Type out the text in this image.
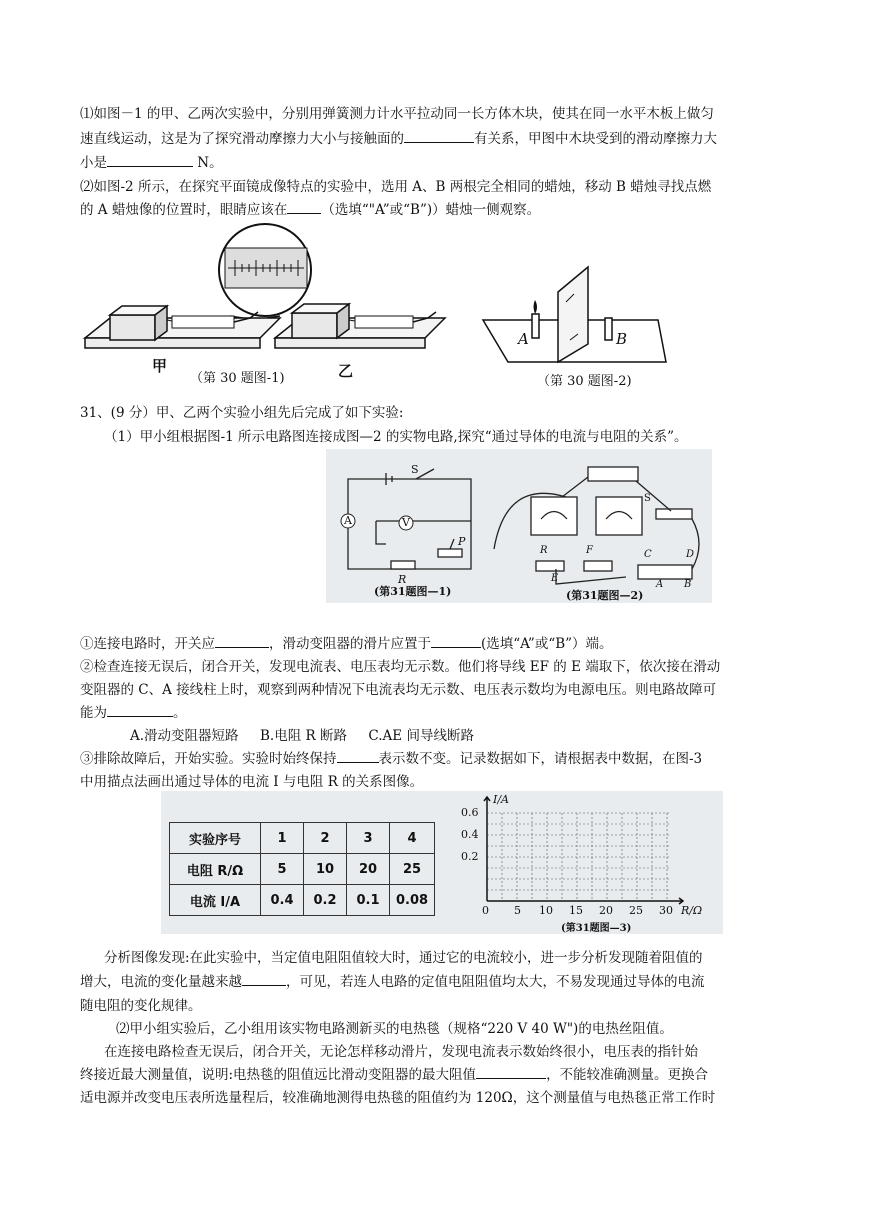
⑴如图－1 的甲、乙两次实验中，分别用弹簧测力计水平拉动同一长方体木块，使其在同一水平木板上做匀

速直线运动，这是为了探究滑动摩擦力大小与接触面的	有关系，甲图中木块受到的滑动摩擦力大

小是	N。

⑵如图-2 所示，在探究平面镜成像特点的实验中，选用 A、B 两根完全相同的蜡烛，移动 B 蜡烛寻找点燃

的 A 蜡烛像的位置时，眼睛应该在	（选填“"A”或“B”)）蜡烛一侧观察。

甲
（第 30 题图-1)	乙
A	B
（第 30 题图-2)

31、(9 分）甲、乙两个实验小组先后完成了如下实验:

（1）甲小组根据图-1 所示电路图连接成图—2 的实物电路,探究“通过导体的电流与电阻的关系”。

S
A	V
R
P
(第31题图—1)	(第31题图—2)
S
R	F
E
C	D
A B

①连接电路时，开关应	，滑动变阻器的滑片应置于	(选填“A”或“B”）端。

②检查连接无误后，闭合开关，发现电流表、电压表均无示数。他们将导线 EF 的 E 端取下，依次接在滑动

变阻器的 C、A 接线柱上时，观察到两种情况下电流表均无示数、电压表示数均为电源电压。则电路故障可

能为	。

A.滑动变阻器短路     B.电阻 R 断路     C.AE 间导线断路

③排除故障后，开始实验。实验时始终保持	表示数不变。记录数据如下，请根据表中数据，在图-3

中用描点法画出通过导体的电流 I 与电阻 R 的关系图像。

实验序号	1	2	3	4
电阻 R/Ω	5	10	20	25
电流 I/A	0.4	0.2	0.1	0.08
I/A
0.6
0.4
0.2
0 5 10 15 20 25 30 R/Ω
(第31题图—3)

分析图像发现:在此实验中，当定值电阻阻值较大时，通过它的电流较小，进一步分析发现随着阻值的

增大，电流的变化量越来越	，可见，若连人电路的定值电阻阻值均太大，不易发现通过导体的电流

随电阻的变化规律。

⑵甲小组实验后，乙小组用该实物电路测新买的电热毯（规格“220 V 40 W")的电热丝阻值。

在连接电路检查无误后，闭合开关，无论怎样移动滑片，发现电流表示数始终很小，电压表的指针始

终接近最大测量值，说明:电热毯的阻值远比滑动变阻器的最大阻值	，不能较准确测量。更换合

适电源并改变电压表所选量程后，较准确地测得电热毯的阻值约为 120Ω，这个测量值与电热毯正常工作时
